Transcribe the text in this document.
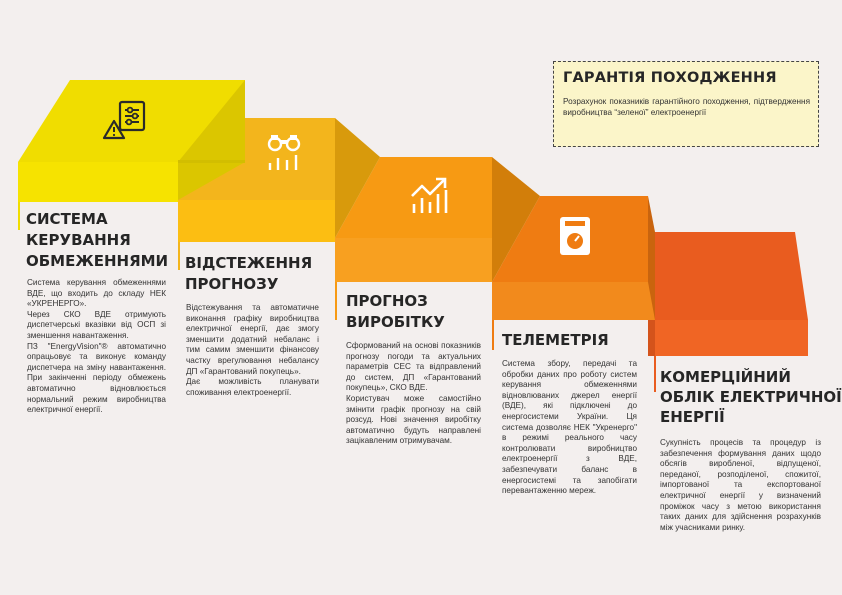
СИСТЕМА
КЕРУВАННЯ
ОБМЕЖЕННЯМИ ВІДСТЕЖЕННЯ
ПРОГНОЗУ
ПРОГНОЗ
ВИРОБІТКУ
ТЕЛЕМЕТРІЯ
КОМЕРЦІЙНИЙ
ОБЛІК ЕЛЕКТРИЧНОЇ
ЕНЕРГІЇ

Система керування обмеженнями ВДЕ, що входить до складу НЕК «УКРЕНЕРГО».
Через СКО ВДЕ отримують диспетчерські вказівки від ОСП зі зменшення навантаження.
ПЗ "EnergyVision"® автоматично опрацьовує та виконує команду диспетчера на зміну навантаження. При закінченні періоду обмежень автоматично відновлюється нормальний режим виробництва електричної енергії.

Відстежування та автоматичне виконання графіку виробництва електричної енергії, дає змогу зменшити додатний небаланс і тим самим зменшити фінансову частку врегулювання небалансу ДП «Гарантований покупець».
Дає можливість планувати споживання електроенергії.

Сформований на основі показників прогнозу погоди та актуальних параметрів СЕС та відправлений до систем, ДП «Гарантований покупець», СКО ВДЕ.
Користувач може самостійно змінити графік прогнозу на свій розсуд. Нові значення виробітку автоматично будуть направлені зацікавленим отримувачам.

Система збору, передачі та обробки даних про роботу систем керування обмеженнями відновлюваних джерел енергії (ВДЕ), які підключені до енергосистеми України. Ця система дозволяє НЕК "Укренерго" в режимі реального часу контролювати виробництво електроенергії з ВДЕ, забезпечувати баланс в енергосистемі та запобігати перевантаженню мереж.

Сукупність процесів та процедур із забезпечення формування даних щодо обсягів виробленої, відпущеної, переданої, розподіленої, спожитої, імпортованої та експортованої електричної енергії у визначений проміжок часу з метою використання таких даних для здійснення розрахунків між учасниками ринку.

ГАРАНТІЯ ПОХОДЖЕННЯ
Розрахунок показників гарантійного походження, підтвердження виробництва “зеленої” електроенергії
